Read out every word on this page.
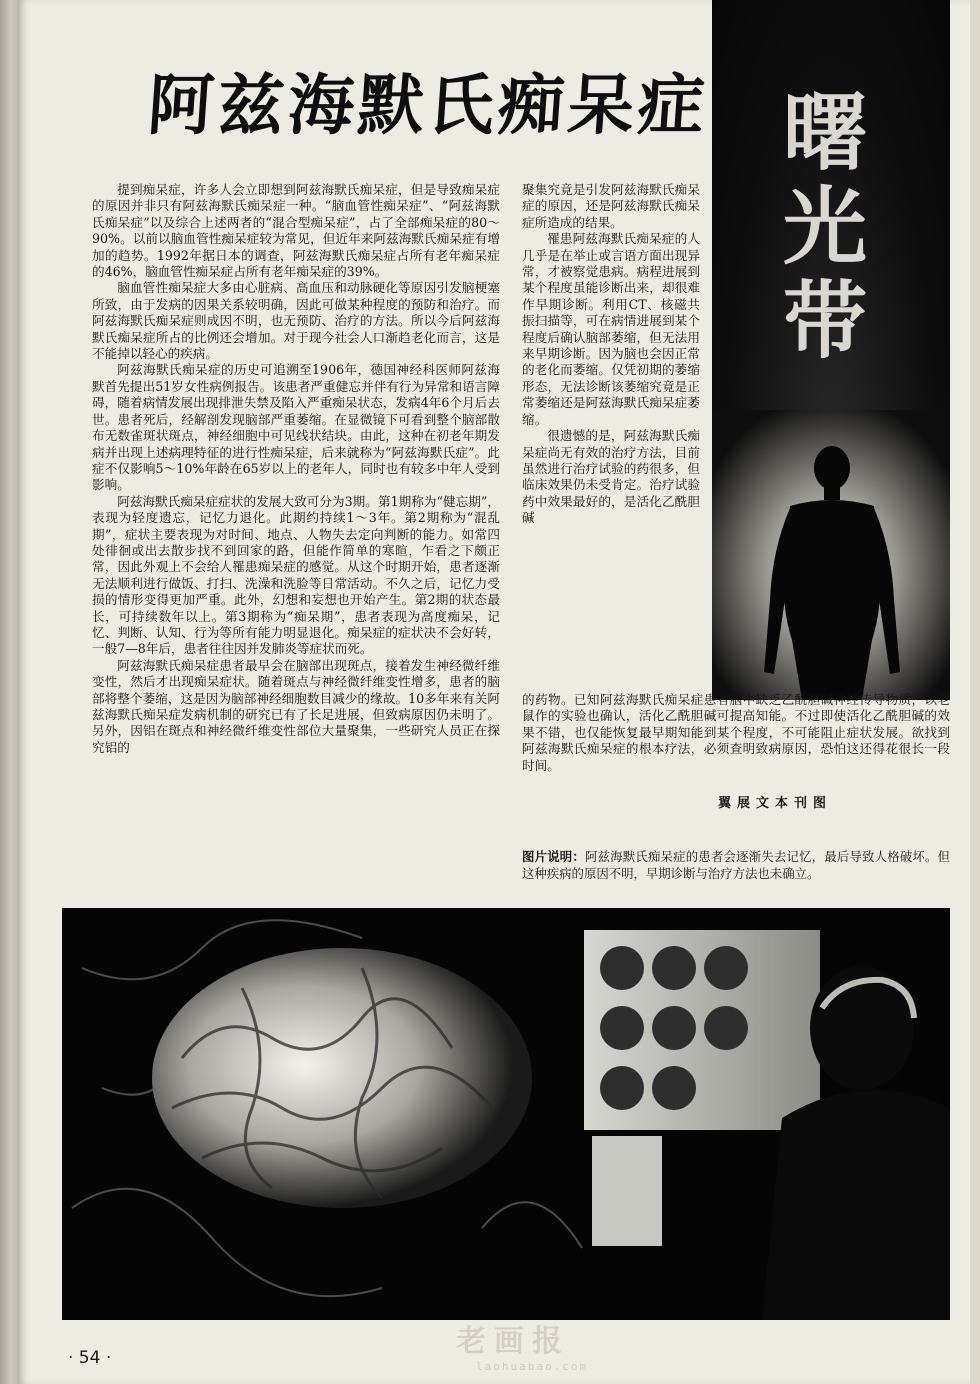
阿兹海默氏痴呆症 曙光带

提到痴呆症，许多人会立即想到阿兹海默氏痴呆症，但是导致痴呆症的原因并非只有阿兹海默氏痴呆症一种。“脑血管性痴呆症”、“阿兹海默氏痴呆症”以及综合上述两者的“混合型痴呆症”，占了全部痴呆症的80～90%。以前以脑血管性痴呆症较为常见，但近年来阿兹海默氏痴呆症有增加的趋势。1992年据日本的调查，阿兹海默氏痴呆症占所有老年痴呆症的46%，脑血管性痴呆症占所有老年痴呆症的39%。

脑血管性痴呆症大多由心脏病、高血压和动脉硬化等原因引发脑梗塞所致，由于发病的因果关系较明确，因此可做某种程度的预防和治疗。而阿兹海默氏痴呆症则成因不明，也无预防、治疗的方法。所以今后阿兹海默氏痴呆症所占的比例还会增加。对于现今社会人口渐趋老化而言，这是不能掉以轻心的疾病。

阿兹海默氏痴呆症的历史可追溯至1906年，德国神经科医师阿兹海默首先提出51岁女性病例报告。该患者严重健忘并伴有行为异常和语言障碍，随着病情发展出现排泄失禁及陷入严重痴呆状态，发病4年6个月后去世。患者死后，经解剖发现脑部严重萎缩。在显微镜下可看到整个脑部散布无数雀斑状斑点，神经细胞中可见线状结块。由此，这种在初老年期发病并出现上述病理特征的进行性痴呆症，后来就称为“阿兹海默氏症”。此症不仅影响5～10%年龄在65岁以上的老年人，同时也有较多中年人受到影响。

阿兹海默氏痴呆症症状的发展大致可分为3期。第1期称为“健忘期”，表现为轻度遗忘，记忆力退化。此期约持续1～3年。第2期称为“混乱期”，症状主要表现为对时间、地点、人物失去定向判断的能力。如常四处徘徊或出去散步找不到回家的路，但能作简单的寒暄，乍看之下颇正常，因此外观上不会给人罹患痴呆症的感觉。从这个时期开始，患者逐渐无法顺利进行做饭、打扫、洗澡和洗脸等日常活动。不久之后，记忆力受损的情形变得更加严重。此外，幻想和妄想也开始产生。第2期的状态最长，可持续数年以上。第3期称为“痴呆期”，患者表现为高度痴呆，记忆、判断、认知、行为等所有能力明显退化。痴呆症的症状决不会好转，一般7—8年后，患者往往因并发肺炎等症状而死。

阿兹海默氏痴呆症患者最早会在脑部出现斑点，接着发生神经微纤维变性，然后才出现痴呆症状。随着斑点与神经微纤维变性增多，患者的脑部将整个萎缩，这是因为脑部神经细胞数目减少的缘故。10多年来有关阿兹海默氏痴呆症发病机制的研究已有了长足进展，但致病原因仍未明了。另外，因铝在斑点和神经微纤维变性部位大量聚集，一些研究人员正在探究铝的

聚集究竟是引发阿兹海默氏痴呆症的原因，还是阿兹海默氏痴呆症所造成的结果。

罹患阿兹海默氏痴呆症的人几乎是在举止或言语方面出现异常，才被察觉患病。病程进展到某个程度虽能诊断出来，却很难作早期诊断。利用CT、核磁共振扫描等，可在病情进展到某个程度后确认脑部萎缩，但无法用来早期诊断。因为脑也会因正常的老化而萎缩。仅凭初期的萎缩形态，无法诊断该萎缩究竟是正常萎缩还是阿兹海默氏痴呆症萎缩。

很遗憾的是，阿兹海默氏痴呆症尚无有效的治疗方法，目前虽然进行治疗试验的药很多，但临床效果仍未受肯定。治疗试验药中效果最好的，是活化乙酰胆碱

的药物。已知阿兹海默氏痴呆症患者脑中缺乏乙酰胆碱神经传导物质，以老鼠作的实验也确认，活化乙酰胆碱可提高知能。不过即使活化乙酰胆碱的效果不错，也仅能恢复最早期知能到某个程度，不可能阻止症状发展。欲找到阿兹海默氏痴呆症的根本疗法，必须查明致病原因，恐怕这还得花很长一段时间。

翼展文本刊图

图片说明：阿兹海默氏痴呆症的患者会逐渐失去记忆，最后导致人格破坏。但这种疾病的原因不明，早期诊断与治疗方法也未确立。

· 54 ·	老画报
laohuabao.com
